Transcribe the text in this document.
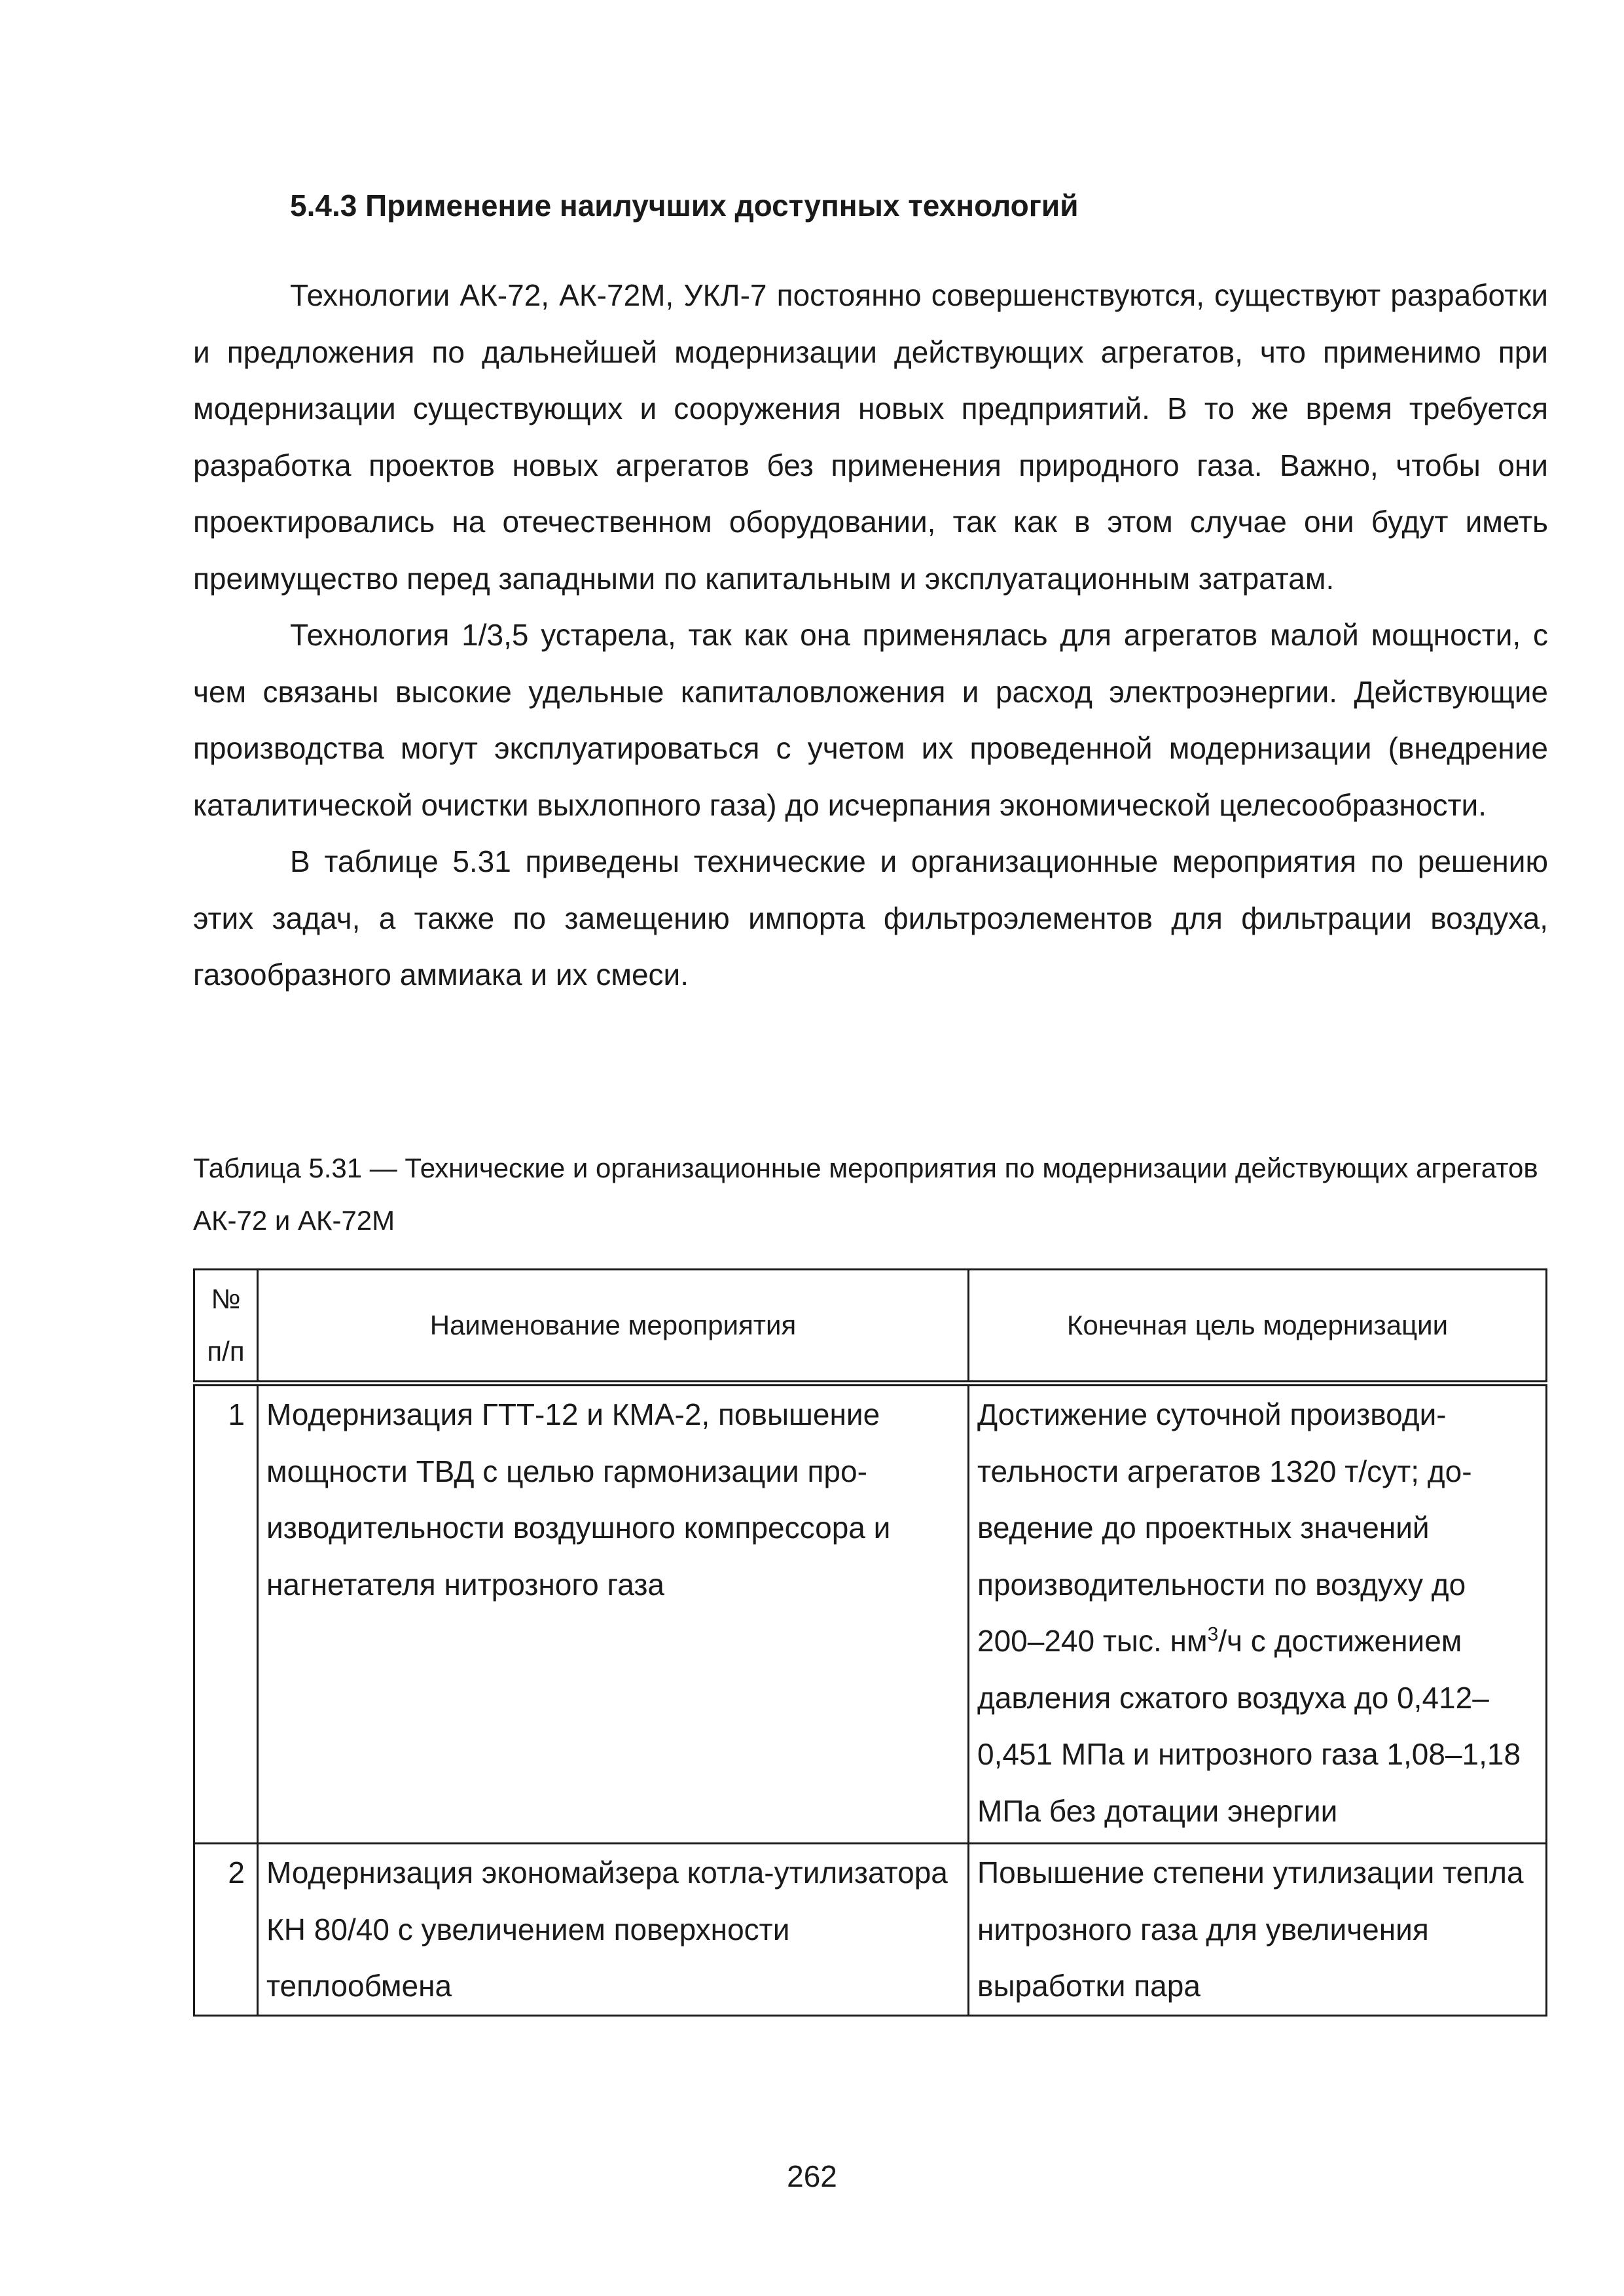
5.4.3 Применение наилучших доступных технологий

Технологии АК-72, АК-72М, УКЛ-7 постоянно совершенствуются, существуют разработки и предложения по дальнейшей модернизации действующих агрегатов, что применимо при модернизации существующих и сооружения новых предприятий. В то же время требуется разработка проектов новых агрегатов без применения природного газа. Важно, чтобы они проектировались на отечественном оборудовании, так как в этом случае они будут иметь преимущество перед западными по капитальным и эксплуатационным затратам.

Технология 1/3,5 устарела, так как она применялась для агрегатов малой мощности, с чем связаны высокие удельные капиталовложения и расход электроэнергии. Действующие производства могут эксплуатироваться с учетом их проведенной модернизации (внедрение каталитической очистки выхлопного газа) до исчерпания экономической целесообразности.

В таблице 5.31 приведены технические и организационные мероприятия по решению этих задач, а также по замещению импорта фильтроэлементов для фильтрации воздуха, газообразного аммиака и их смеси.

Таблица 5.31 — Технические и организационные мероприятия по модернизации действующих агрегатов АК-72 и АК-72М

№ п/п	Наименование мероприятия	Конечная цель модернизации
1	Модернизация ГТТ-12 и КМА-2, повышение мощности ТВД с целью гармонизации производительности воздушного компрессора и нагнетателя нитрозного газа	Достижение суточной производительности агрегатов 1320 т/сут; доведение до проектных значений производительности по воздуху до 200–240 тыс. $нм^3/ч$ с достижением давления сжатого воздуха до 0,412–0,451 МПа и нитрозного газа 1,08–1,18 МПа без дотации энергии
2	Модернизация экономайзера котла-утилизатора КН 80/40 с увеличением поверхности теплообмена	Повышение степени утилизации тепла нитрозного газа для увеличения выработки пара
262
